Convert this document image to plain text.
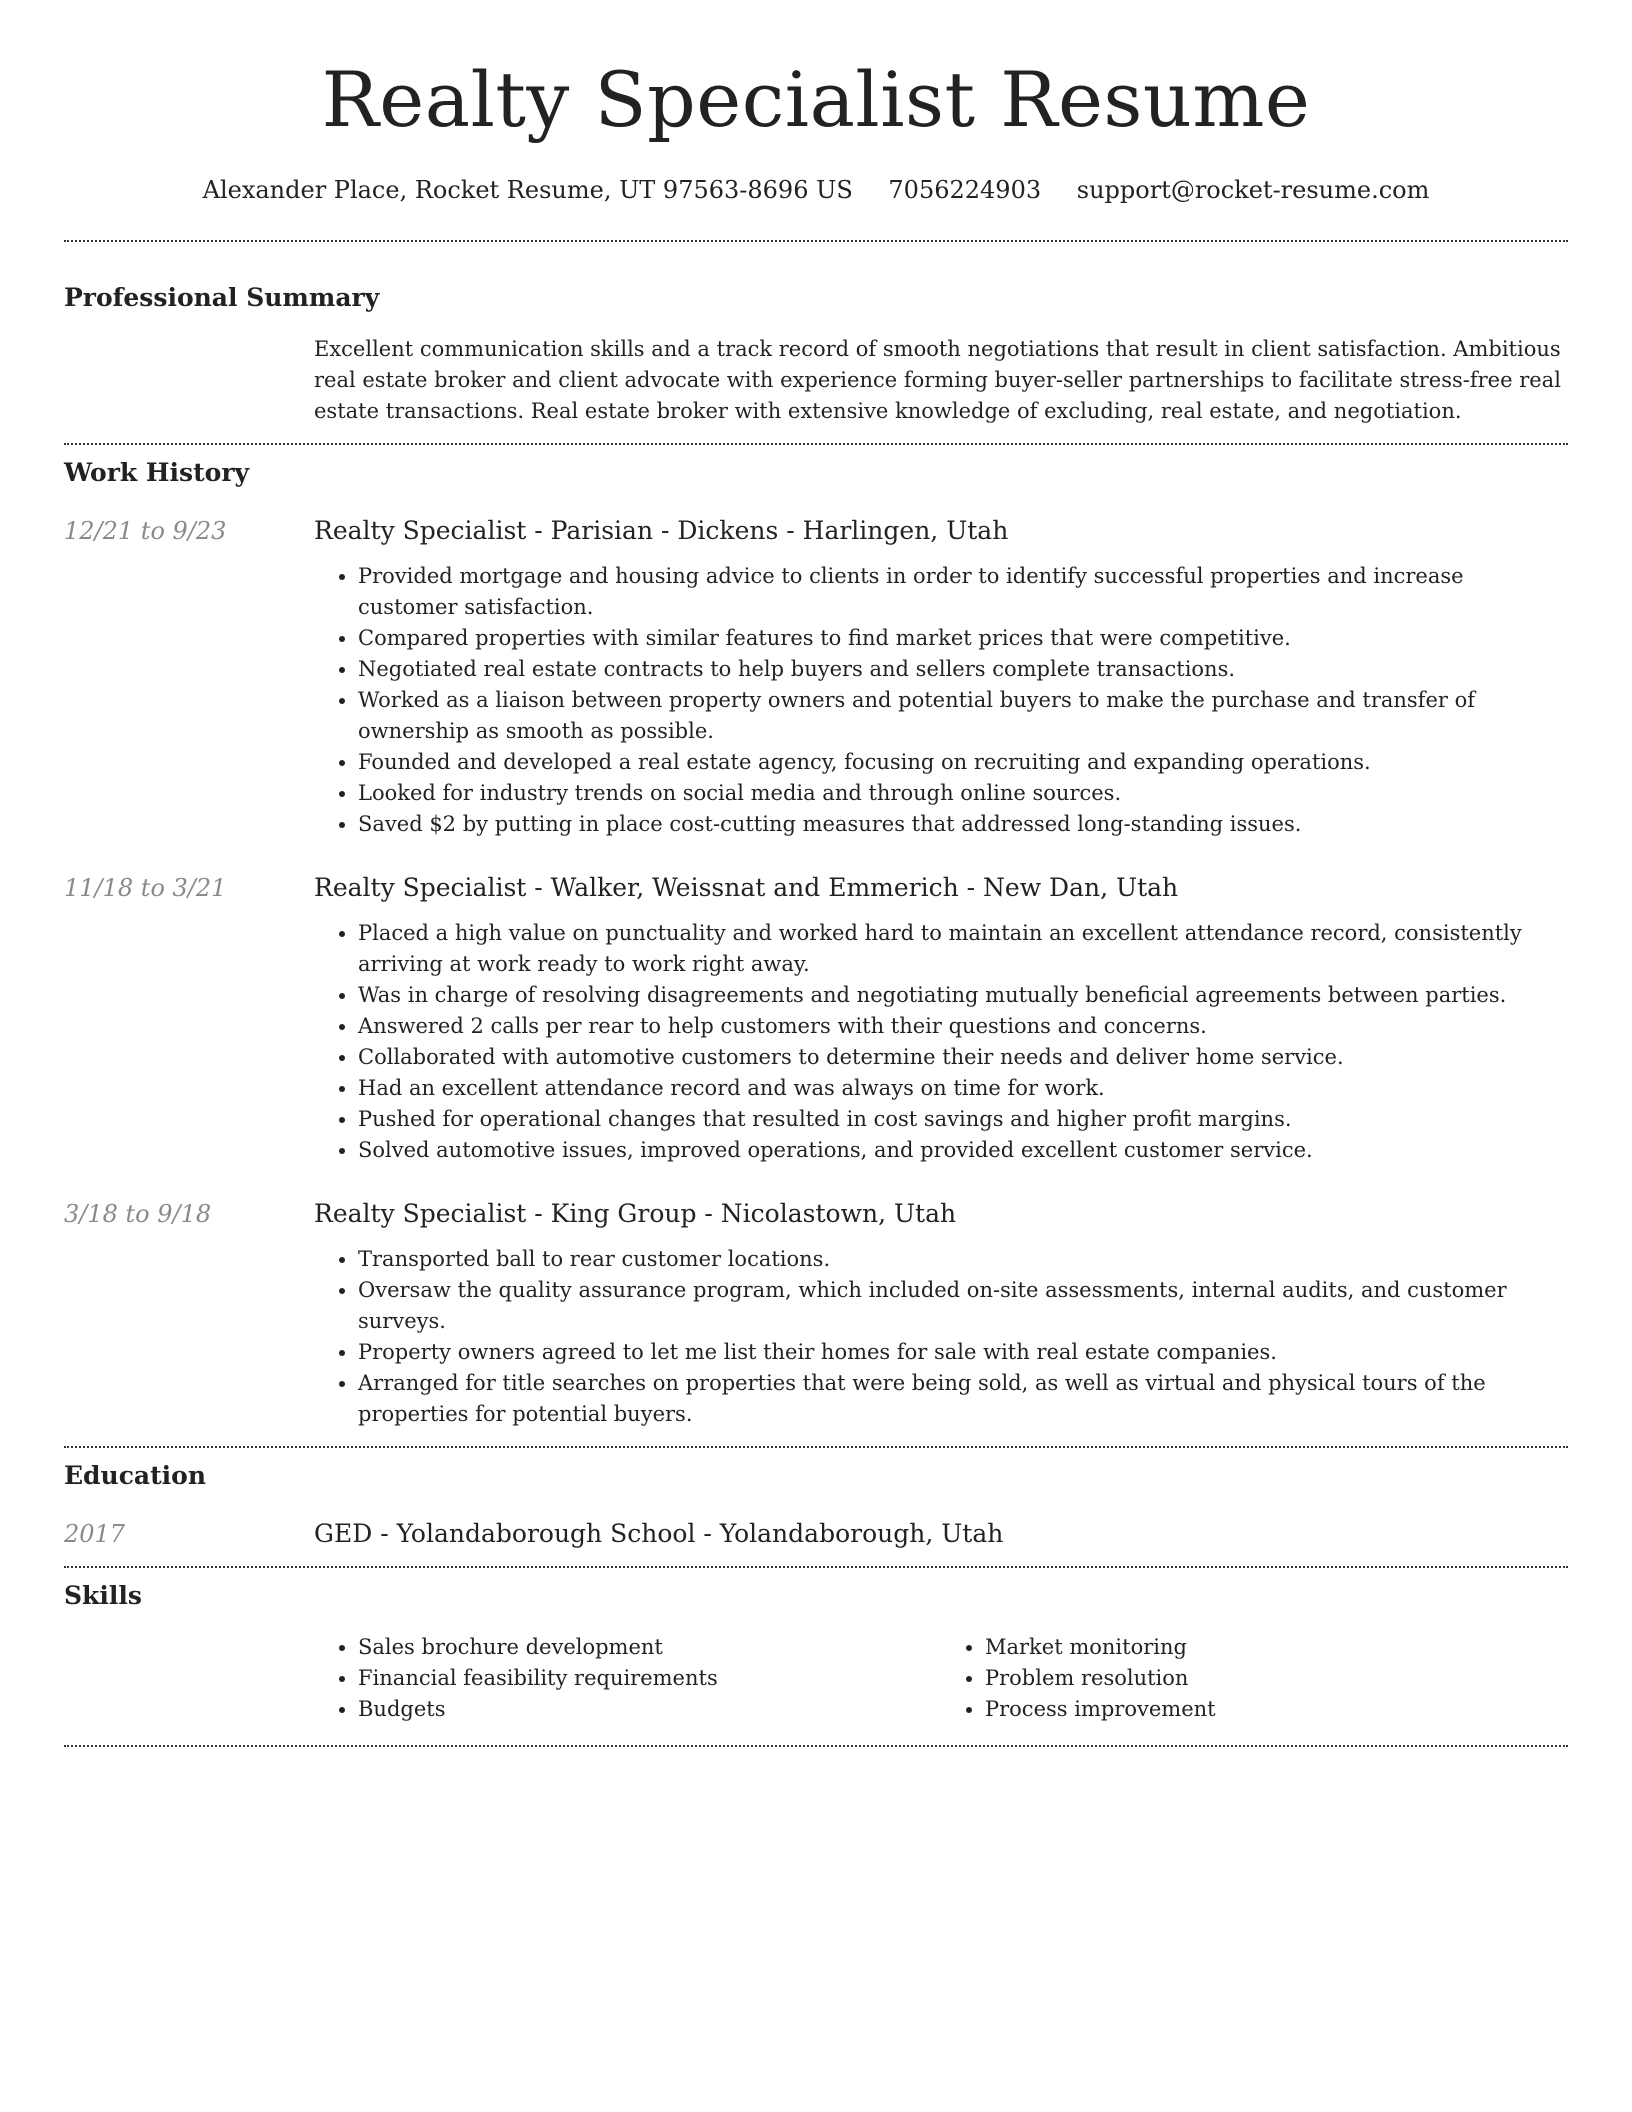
Realty Specialist Resume
Alexander Place, Rocket Resume, UT 97563-8696 US 7056224903 support@rocket-resume.com
Professional Summary
Excellent communication skills and a track record of smooth negotiations that result in client satisfaction. Ambitious real estate broker and client advocate with experience forming buyer-seller partnerships to facilitate stress-free real estate transactions. Real estate broker with extensive knowledge of excluding, real estate, and negotiation.
Work History
12/21 to 9/23	Realty Specialist - Parisian - Dickens - Harlingen, Utah
• Provided mortgage and housing advice to clients in order to identify successful properties and increase customer satisfaction.
• Compared properties with similar features to find market prices that were competitive.
• Negotiated real estate contracts to help buyers and sellers complete transactions.
• Worked as a liaison between property owners and potential buyers to make the purchase and transfer of ownership as smooth as possible.
• Founded and developed a real estate agency, focusing on recruiting and expanding operations.
• Looked for industry trends on social media and through online sources.
• Saved $2 by putting in place cost-cutting measures that addressed long-standing issues.
11/18 to 3/21	Realty Specialist - Walker, Weissnat and Emmerich - New Dan, Utah
• Placed a high value on punctuality and worked hard to maintain an excellent attendance record, consistently arriving at work ready to work right away.
• Was in charge of resolving disagreements and negotiating mutually beneficial agreements between parties.
• Answered 2 calls per rear to help customers with their questions and concerns.
• Collaborated with automotive customers to determine their needs and deliver home service.
• Had an excellent attendance record and was always on time for work.
• Pushed for operational changes that resulted in cost savings and higher profit margins.
• Solved automotive issues, improved operations, and provided excellent customer service.
3/18 to 9/18	Realty Specialist - King Group - Nicolastown, Utah
• Transported ball to rear customer locations.
• Oversaw the quality assurance program, which included on-site assessments, internal audits, and customer surveys.
• Property owners agreed to let me list their homes for sale with real estate companies.
• Arranged for title searches on properties that were being sold, as well as virtual and physical tours of the properties for potential buyers.
Education
2017	GED - Yolandaborough School - Yolandaborough, Utah
Skills
• Sales brochure development
• Financial feasibility requirements
• Budgets
• Market monitoring
• Problem resolution
• Process improvement
